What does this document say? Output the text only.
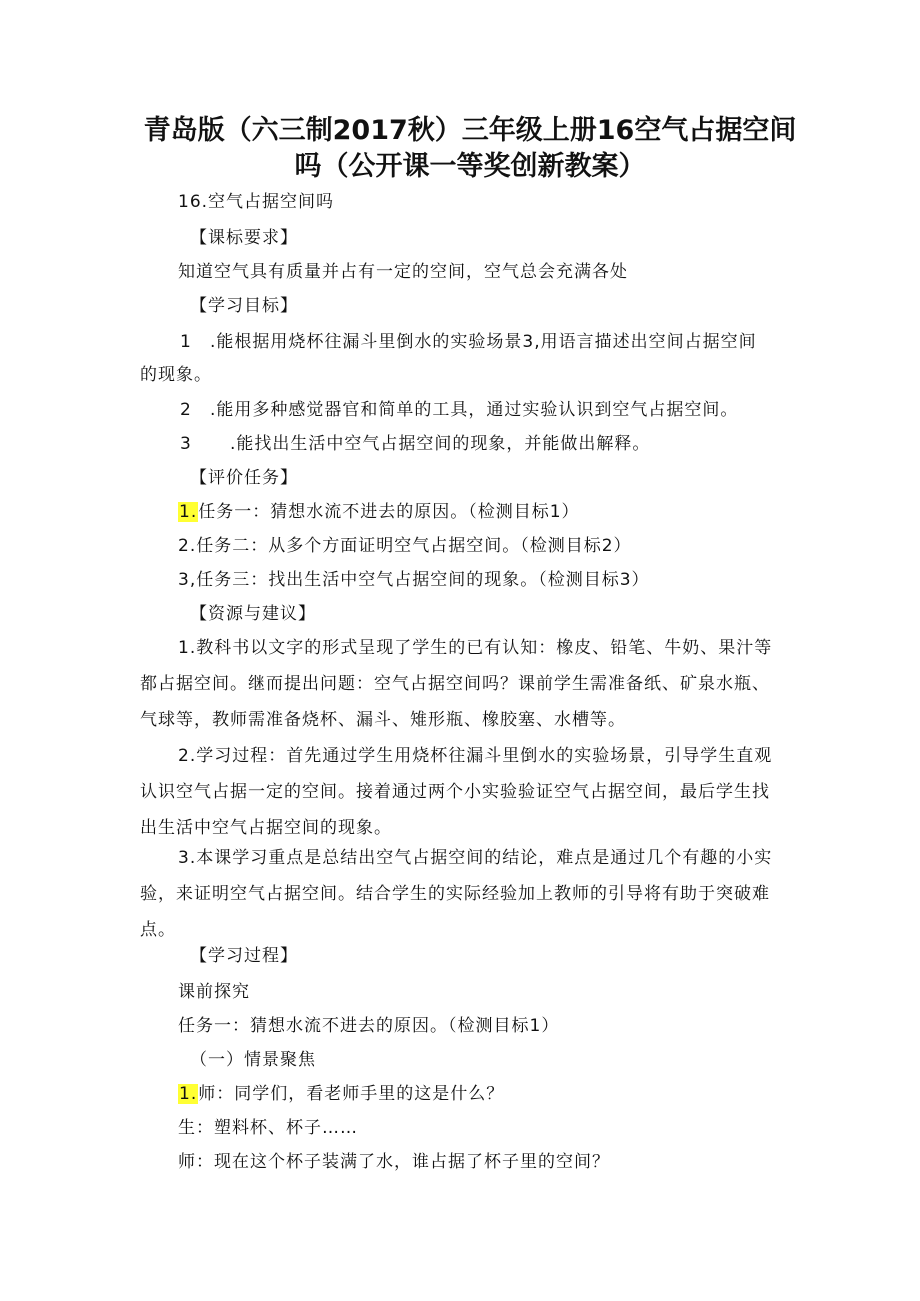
青岛版（六三制2017秋）三年级上册16空气占据空间
吗（公开课一等奖创新教案）
16.空气占据空间吗
【课标要求】
知道空气具有质量并占有一定的空间，空气总会充满各处
【学习目标】
1 .能根据用烧杯往漏斗里倒水的实验场景3,用语言描述出空间占据空间
的现象。
2 .能用多种感觉器官和简单的工具，通过实验认识到空气占据空间。
3 .能找出生活中空气占据空间的现象，并能做出解释。
【评价任务】
1.任务一：猜想水流不进去的原因。（检测目标1）
2.任务二：从多个方面证明空气占据空间。（检测目标2）
3,任务三：找出生活中空气占据空间的现象。（检测目标3）
【资源与建议】
1.教科书以文字的形式呈现了学生的已有认知：橡皮、铅笔、牛奶、果汁等都占据空间。继而提出问题：空气占据空间吗？课前学生需准备纸、矿泉水瓶、气球等，教师需准备烧杯、漏斗、雉形瓶、橡胶塞、水槽等。
2.学习过程：首先通过学生用烧杯往漏斗里倒水的实验场景，引导学生直观认识空气占据一定的空间。接着通过两个小实验验证空气占据空间，最后学生找出生活中空气占据空间的现象。
3.本课学习重点是总结出空气占据空间的结论，难点是通过几个有趣的小实验，来证明空气占据空间。结合学生的实际经验加上教师的引导将有助于突破难点。
【学习过程】
课前探究
任务一：猜想水流不进去的原因。（检测目标1）
（一）情景聚焦
1.师：同学们，看老师手里的这是什么？
生：塑料杯、杯子……
师：现在这个杯子装满了水，谁占据了杯子里的空间？
